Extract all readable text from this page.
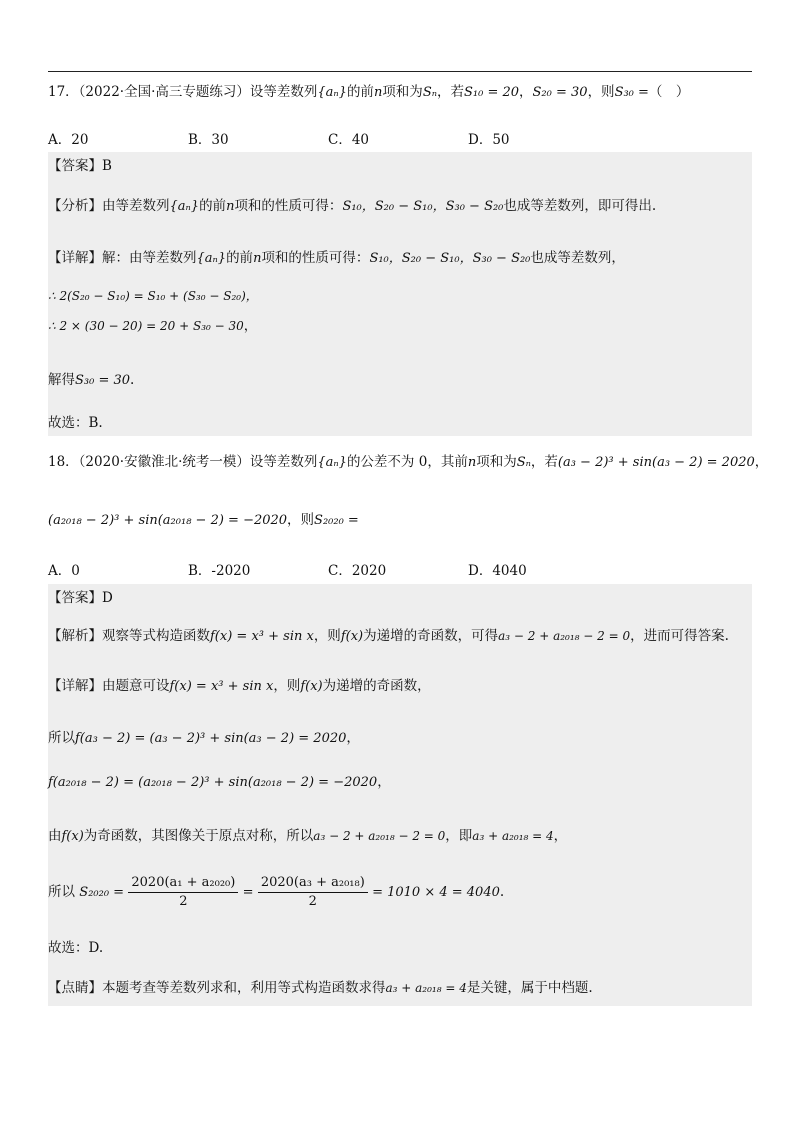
17．（2022·全国·高三专题练习）设等差数列{aₙ}的前n项和为Sₙ，若S₁₀ = 20，S₂₀ = 30，则S₃₀ =（　）
A．20	B．30	C．40	D．50
【答案】B
【分析】由等差数列{aₙ}的前n项和的性质可得：S₁₀，S₂₀ − S₁₀，S₃₀ − S₂₀也成等差数列，即可得出.
【详解】解：由等差数列{aₙ}的前n项和的性质可得：S₁₀，S₂₀ − S₁₀，S₃₀ − S₂₀也成等差数列，
∴ 2(S₂₀ − S₁₀) = S₁₀ + (S₃₀ − S₂₀)，
∴ 2 × (30 − 20) = 20 + S₃₀ − 30，
解得S₃₀ = 30.
故选：B.
18．（2020·安徽淮北·统考一模）设等差数列{aₙ}的公差不为 0，其前n项和为Sₙ，若(a₃ − 2)³ + sin(a₃ − 2) = 2020，
(a₂₀₁₈ − 2)³ + sin(a₂₀₁₈ − 2) = −2020，则S₂₀₂₀ =
A．0	B．-2020	C．2020	D．4040
【答案】D
【解析】观察等式构造函数f(x) = x³ + sin x，则f(x)为递增的奇函数，可得a₃ − 2 + a₂₀₁₈ − 2 = 0，进而可得答案.
【详解】由题意可设f(x) = x³ + sin x，则f(x)为递增的奇函数，
所以f(a₃ − 2) = (a₃ − 2)³ + sin(a₃ − 2) = 2020，
f(a₂₀₁₈ − 2) = (a₂₀₁₈ − 2)³ + sin(a₂₀₁₈ − 2) = −2020，
由f(x)为奇函数，其图像关于原点对称，所以a₃ − 2 + a₂₀₁₈ − 2 = 0，即a₃ + a₂₀₁₈ = 4，
所以 $S_{2020} = \frac{\text{2020(a₁ + a₂₀₂₀)}}{2} = \frac{\text{2020(a₃ + a₂₀₁₈)}}{2} = 1010 \times 4 = 4040$.
故选：D.
【点睛】本题考查等差数列求和，利用等式构造函数求得a₃ + a₂₀₁₈ = 4是关键，属于中档题.
